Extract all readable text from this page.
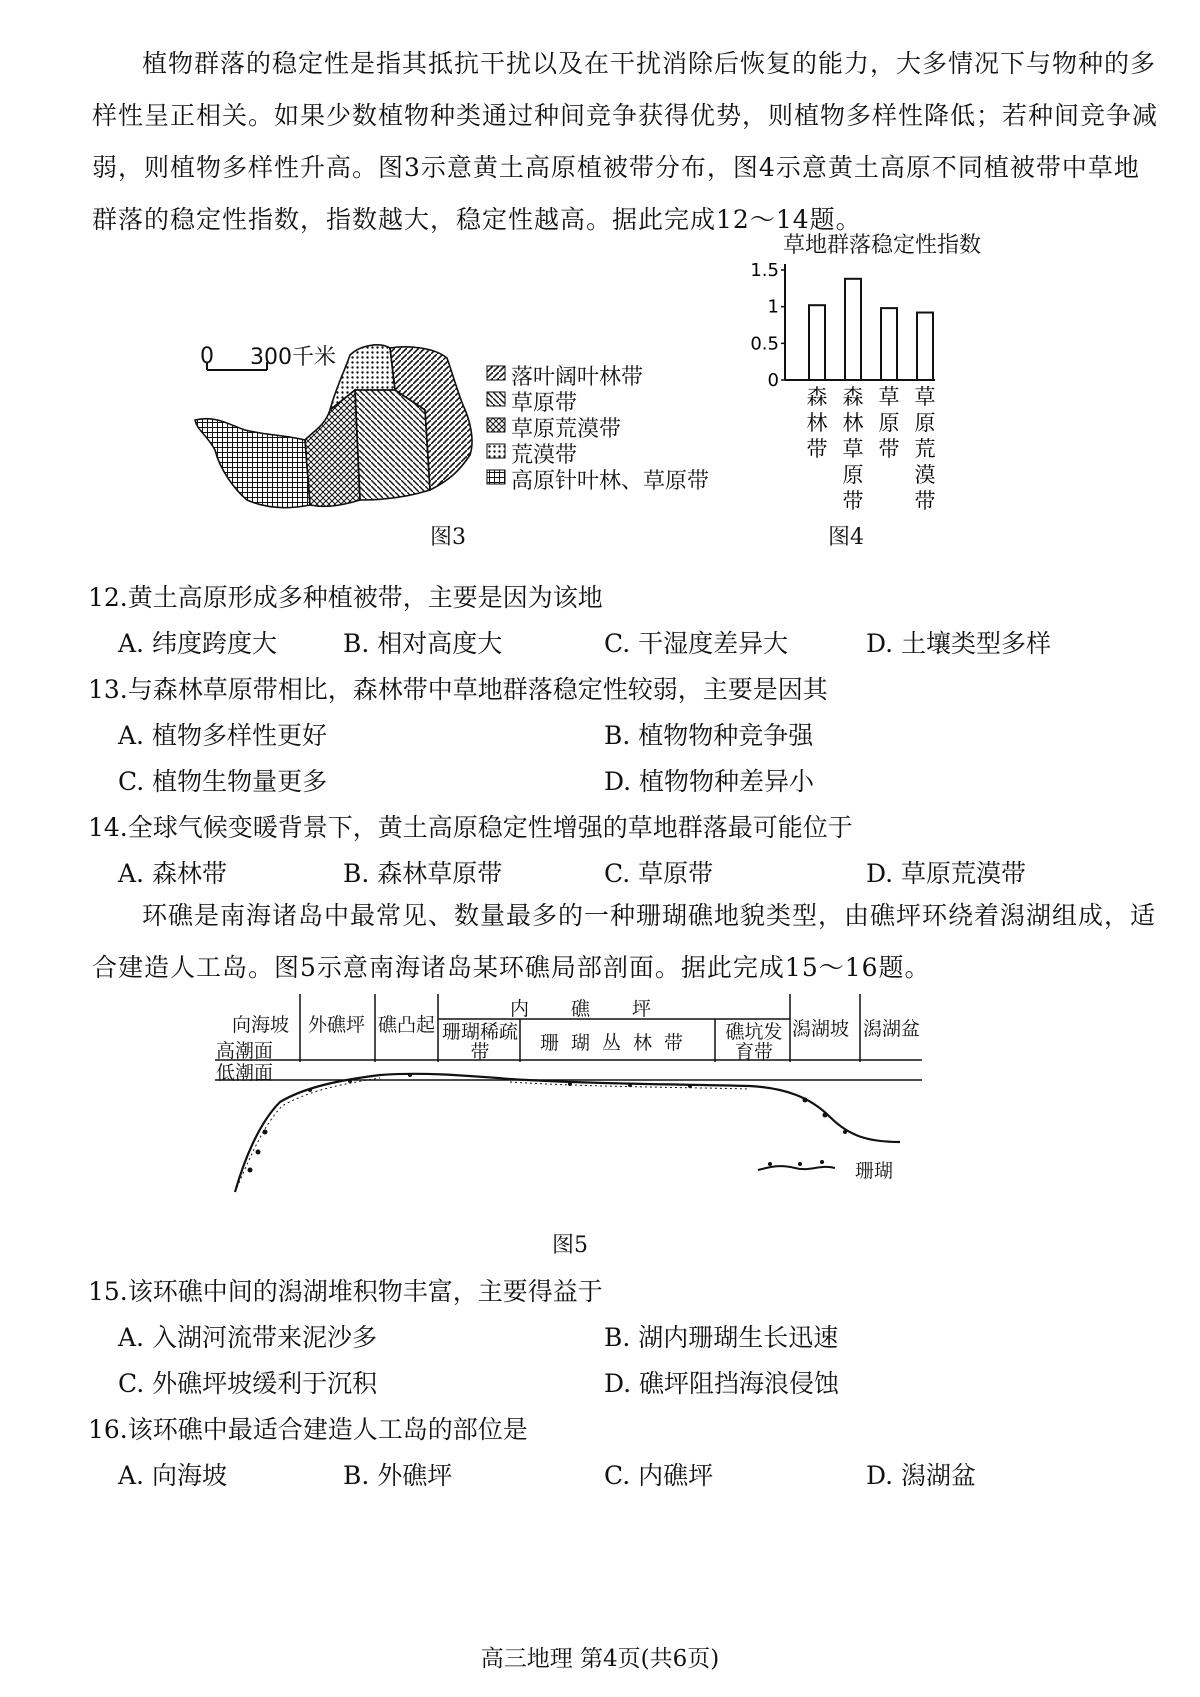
植物群落的稳定性是指其抵抗干扰以及在干扰消除后恢复的能力，大多情况下与物种的多样性呈正相关。如果少数植物种类通过种间竞争获得优势，则植物多样性降低；若种间竞争减弱，则植物多样性升高。图3示意黄土高原植被带分布，图4示意黄土高原不同植被带中草地群落的稳定性指数，指数越大，稳定性越高。据此完成12～14题。
0 300千米
落叶阔叶林带
草原带
草原荒漠带
荒漠带
高原针叶林、草原带
图3
草地群落稳定性指数
0
0.5
1
1.5
森
林
带
森
林
草
原
带
草
原
带
草
原
荒
漠
带
图4
12.黄土高原形成多种植被带，主要是因为该地
A. 纬度跨度大	B. 相对高度大	C. 干湿度差异大	D. 土壤类型多样
13.与森林草原带相比，森林带中草地群落稳定性较弱，主要是因其
A. 植物多样性更好	B. 植物物种竞争强
C. 植物生物量更多	D. 植物物种差异小
14.全球气候变暖背景下，黄土高原稳定性增强的草地群落最可能位于
A. 森林带	B. 森林草原带	C. 草原带	D. 草原荒漠带
环礁是南海诸岛中最常见、数量最多的一种珊瑚礁地貌类型，由礁坪环绕着潟湖组成，适合建造人工岛。图5示意南海诸岛某环礁局部剖面。据此完成15～16题。
向海坡 外礁坪 礁凸起
内礁坪
潟湖坡 潟湖盆
珊瑚稀疏带	珊瑚丛林带 礁坑发育带
高潮面
低潮面
珊瑚
图5
15.该环礁中间的潟湖堆积物丰富，主要得益于
A. 入湖河流带来泥沙多	B. 湖内珊瑚生长迅速
C. 外礁坪坡缓利于沉积	D. 礁坪阻挡海浪侵蚀
16.该环礁中最适合建造人工岛的部位是
A. 向海坡	B. 外礁坪	C. 内礁坪	D. 潟湖盆
高三地理 第4页(共6页)
